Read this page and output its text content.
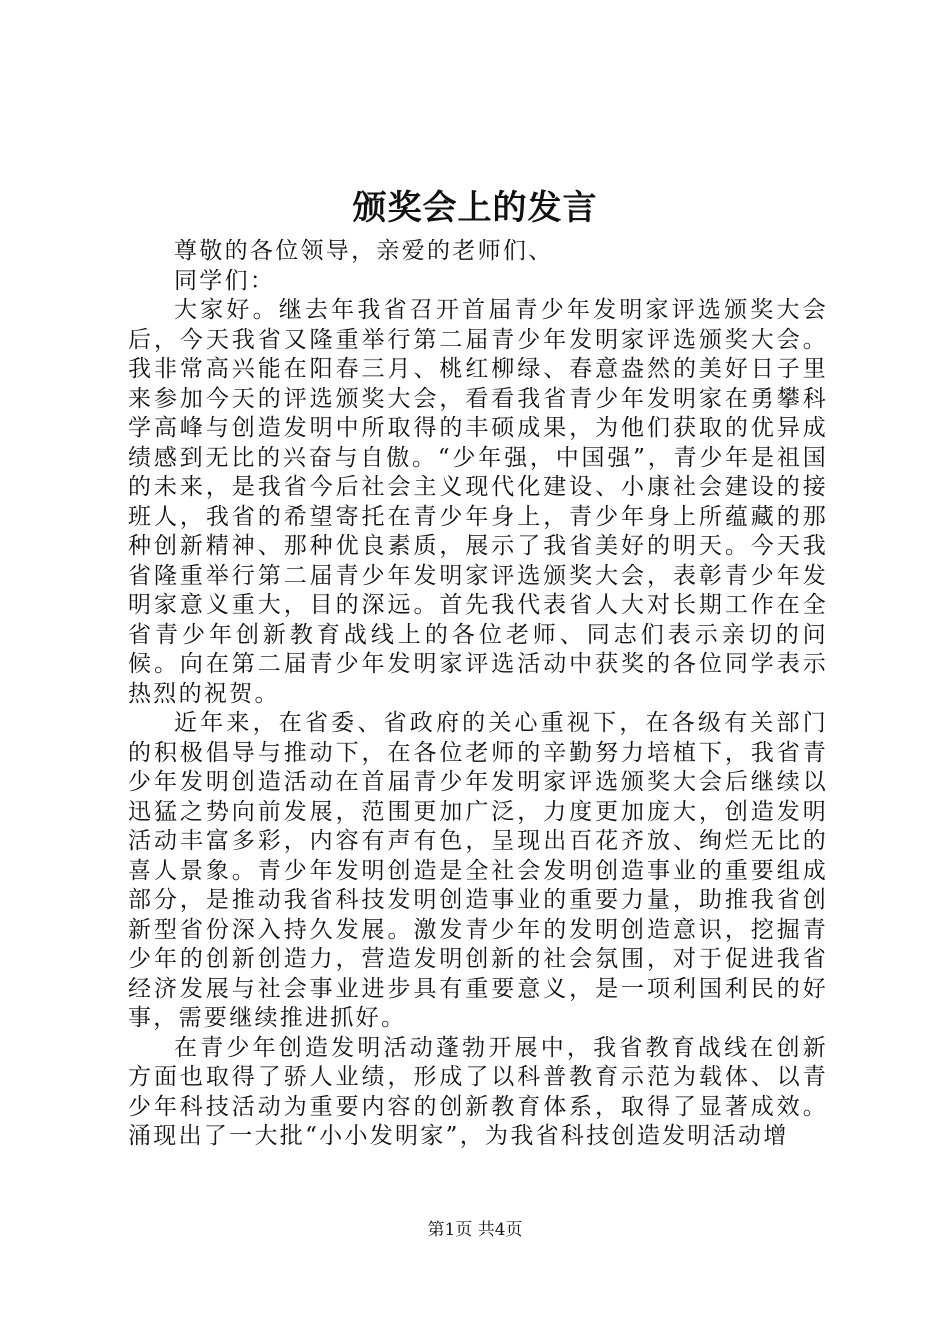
颁奖会上的发言

尊敬的各位领导，亲爱的老师们、

同学们：

大家好。继去年我省召开首届青少年发明家评选颁奖大会后，今天我省又隆重举行第二届青少年发明家评选颁奖大会。我非常高兴能在阳春三月、桃红柳绿、春意盎然的美好日子里来参加今天的评选颁奖大会，看看我省青少年发明家在勇攀科学高峰与创造发明中所取得的丰硕成果，为他们获取的优异成绩感到无比的兴奋与自傲。“少年强，中国强”，青少年是祖国的未来，是我省今后社会主义现代化建设、小康社会建设的接班人，我省的希望寄托在青少年身上，青少年身上所蕴藏的那种创新精神、那种优良素质，展示了我省美好的明天。今天我省隆重举行第二届青少年发明家评选颁奖大会，表彰青少年发明家意义重大，目的深远。首先我代表省人大对长期工作在全省青少年创新教育战线上的各位老师、同志们表示亲切的问候。向在第二届青少年发明家评选活动中获奖的各位同学表示热烈的祝贺。

近年来，在省委、省政府的关心重视下，在各级有关部门的积极倡导与推动下，在各位老师的辛勤努力培植下，我省青少年发明创造活动在首届青少年发明家评选颁奖大会后继续以迅猛之势向前发展，范围更加广泛，力度更加庞大，创造发明活动丰富多彩，内容有声有色，呈现出百花齐放、绚烂无比的喜人景象。青少年发明创造是全社会发明创造事业的重要组成部分，是推动我省科技发明创造事业的重要力量，助推我省创新型省份深入持久发展。激发青少年的发明创造意识，挖掘青少年的创新创造力，营造发明创新的社会氛围，对于促进我省经济发展与社会事业进步具有重要意义，是一项利国利民的好事，需要继续推进抓好。

在青少年创造发明活动蓬勃开展中，我省教育战线在创新方面也取得了骄人业绩，形成了以科普教育示范为载体、以青少年科技活动为重要内容的创新教育体系，取得了显著成效。涌现出了一大批“小小发明家”，为我省科技创造发明活动增

第1页 共4页
